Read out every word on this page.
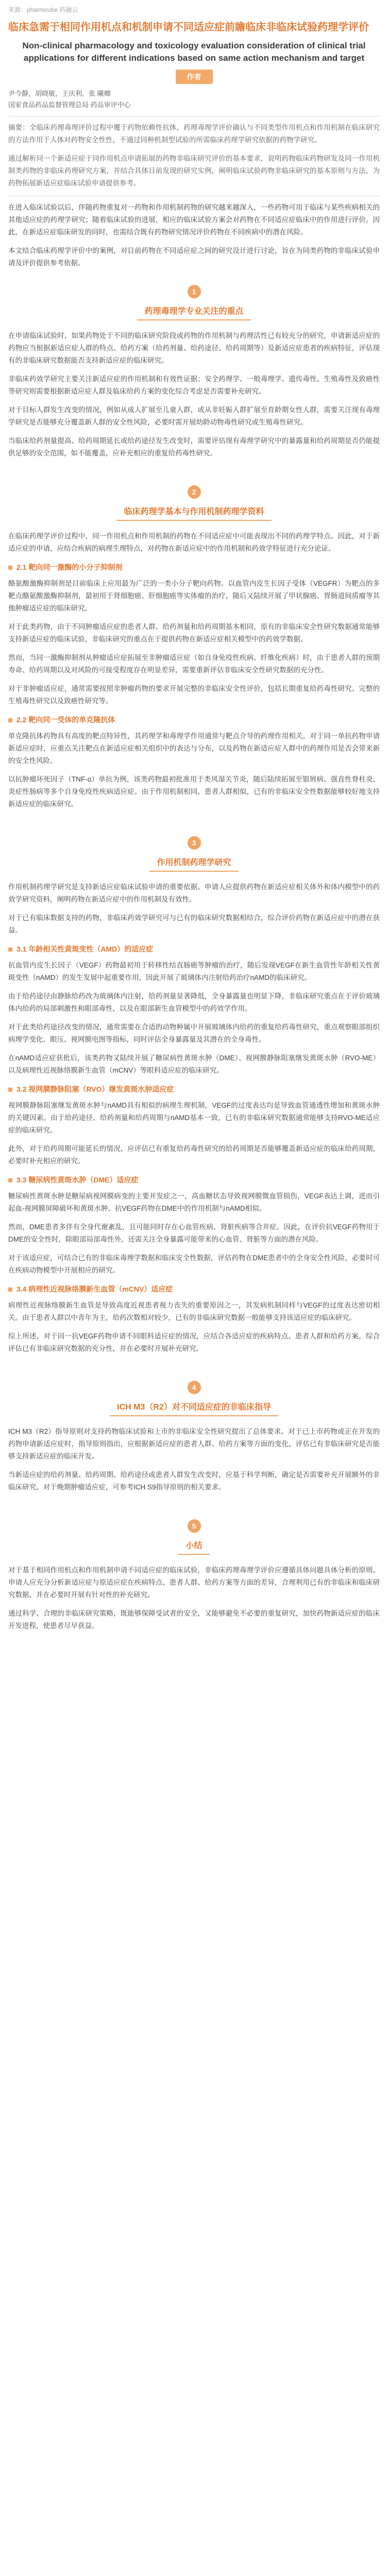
来源：pharmcube 药融云
临床急需于相同作用机点和机制申请不同适应症前瞻临床非临床试验药理学评价
Non-clinical pharmacology and toxicology evaluation consideration of clinical trial applications for different indications based on same action mechanism and target
作者
尹今静，胡晓敏，王庆利，张 曦卿
国家食品药品监督管理总局 药品审评中心

摘要：全临床药理毒理评价过程中覆于药物依赖性抗体，药理毒理学评价确认与不同类型作用机点和作用机制在临床研究的方法作用于人体对药物安全性性，不通过同种机制型试验的所需临床药理学研究依据的药物学研究。

通过解析同一个新适应症于同作用机点申请拓展的药物非临床研究评价的基本要求，说明药物临床药物研发及同一作用机制类药物的非临床药理研究方案，并结合具体目前发现的研究实例，阐明临床试验药物非临床研究的基本原则与方法，为药物拓展新适应症临床试验申请提供参考。

在进入临床试验以后，伴随药物重复对一药物和作用机制药物的研究越来越深入，一些药物可用于临床与某些疾病相关的其他适应症的药理学研究；随着临床试验的进展，相应的临床试验方案会对药物在不同适应症临床中的作用进行评价。因此，在新适应症临床研发的同时，也需结合既有药物研究情况评价药物在不同疾病中的潜在风险。

本文结合临床药理学评价中的案例，对目前药物在不同适应症之间的研究设计进行讨论，旨在为同类药物的非临床试验申请及评价提供参考依据。

1
药理毒理学专业关注的重点

在申请临床试验时，如果药物处于不同的临床研究阶段或药物的作用机制与药理活性已有较充分的研究，申请新适应症的药物应当根据新适应症人群的特点、给药方案（给药剂量、给药途径、给药周期等）及新适应症患者的疾病特征，评估现有的非临床研究数据能否支持新适应症的临床研究。

非临床药效学研究主要关注新适应症的作用机制和有效性证据；安全药理学、一般毒理学、遗传毒性、生殖毒性及致癌性等研究则需要根据新适应症人群及临床给药方案的变化综合考虑是否需要补充研究。

对于目标人群发生改变的情况，例如从成人扩展至儿童人群，或从非妊娠人群扩展至育龄期女性人群，需要关注现有毒理学研究是否能够充分覆盖新人群的安全性风险，必要时需开展幼龄动物毒性研究或生殖毒性研究。

当临床给药剂量提高、给药周期延长或给药途径发生改变时，需要评估现有毒理学研究中的暴露量和给药周期是否仍能提供足够的安全范围，如不能覆盖，应补充相应的重复给药毒性研究。

2
临床药理学基本与作用机制药理学资料

在临床药理学评价过程中，同一作用机点和作用机制的药物在不同适应症中可能表现出不同的药理学特点。因此，对于新适应症的申请，应结合疾病的病理生理特点，对药物在新适应症中的作用机制和药效学特征进行充分论证。

2.1 靶向同一激酶的小分子抑制剂

酪氨酸激酶抑制剂是目前临床上应用最为广泛的一类小分子靶向药物。以血管内皮生长因子受体（VEGFR）为靶点的多靶点酪氨酸激酶抑制剂，最初用于肾细胞癌、肝细胞癌等实体瘤的治疗，随后又陆续开展了甲状腺癌、胃肠道间质瘤等其他肿瘤适应症的临床研究。

对于此类药物，由于不同肿瘤适应症的患者人群、给药剂量和给药周期基本相同，原有的非临床安全性研究数据通常能够支持新适应症的临床试验，非临床研究的重点在于提供药物在新适应症相关模型中的药效学数据。

然而，当同一激酶抑制剂从肿瘤适应症拓展至非肿瘤适应症（如自身免疫性疾病、纤维化疾病）时，由于患者人群的预期寿命、给药周期以及对风险的可接受程度存在明显差异，需要重新评估非临床安全性研究数据的充分性。

对于非肿瘤适应症，通常需要按照非肿瘤药物的要求开展完整的非临床安全性评价，包括长期重复给药毒性研究、完整的生殖毒性研究以及致癌性研究等。

2.2 靶向同一受体的单克隆抗体

单克隆抗体药物具有高度的靶点特异性，其药理学和毒理学作用通常与靶点介导的药理作用相关。对于同一单抗药物申请新适应症时，应重点关注靶点在新适应症相关组织中的表达与分布，以及药物在新适应症人群中的药理作用是否会带来新的安全性风险。

以抗肿瘤坏死因子（TNF-α）单抗为例，该类药物最初批准用于类风湿关节炎，随后陆续拓展至银屑病、强直性脊柱炎、炎症性肠病等多个自身免疫性疾病适应症。由于作用机制相同、患者人群相似，已有的非临床安全性数据能够较好地支持新适应症的临床研究。

3
作用机制药理学研究

作用机制药理学研究是支持新适应症临床试验申请的重要依据。申请人应提供药物在新适应症相关体外和体内模型中的药效学研究资料，阐明药物在新适应症中的作用机制及有效性。

对于已有临床数据支持的药物，非临床药效学研究可与已有的临床研究数据相结合，综合评价药物在新适应症中的潜在获益。

3.1 年龄相关性黄斑变性（AMD）的适应症

抗血管内皮生长因子（VEGF）药物最初用于转移性结直肠癌等肿瘤的治疗，随后发现VEGF在新生血管性年龄相关性黄斑变性（nAMD）的发生发展中起重要作用，因此开展了玻璃体内注射给药治疗nAMD的临床研究。

由于给药途径由静脉给药改为玻璃体内注射，给药剂量显著降低，全身暴露量也明显下降，非临床研究重点在于评价玻璃体内给药的局部刺激性和眼部毒性，以及在眼部新生血管模型中的药效学作用。

对于此类给药途径改变的情况，通常需要在合适的动物种属中开展玻璃体内给药的重复给药毒性研究，重点观察眼部组织病理学变化、眼压、视网膜电图等指标，同时评估全身暴露量及其潜在的全身毒性。

在nAMD适应症获批后，该类药物又陆续开展了糖尿病性黄斑水肿（DME）、视网膜静脉阻塞继发黄斑水肿（RVO-ME）以及病理性近视脉络膜新生血管（mCNV）等眼科适应症的临床研究。

3.2 视网膜静脉阻塞（RVO）继发黄斑水肿适应症

视网膜静脉阻塞继发黄斑水肿与nAMD具有相似的病理生理机制，VEGF的过度表达均是导致血管通透性增加和黄斑水肿的关键因素。由于给药途径、给药剂量和给药周期与nAMD基本一致，已有的非临床研究数据通常能够支持RVO-ME适应症的临床研究。

此外，对于给药周期可能延长的情况，应评估已有重复给药毒性研究的给药周期是否能够覆盖新适应症的临床给药周期，必要时补充相应的研究。

3.3 糖尿病性黄斑水肿（DME）适应症

糖尿病性黄斑水肿是糖尿病视网膜病变的主要并发症之一，高血糖状态导致视网膜微血管损伤，VEGF表达上调，进而引起血-视网膜屏障破坏和黄斑水肿。抗VEGF药物在DME中的作用机制与nAMD相似。

然而，DME患者多伴有全身代谢紊乱，且可能同时存在心血管疾病、肾脏疾病等合并症。因此，在评价抗VEGF药物用于DME的安全性时，除眼部局部毒性外，还需关注全身暴露可能带来的心血管、肾脏等方面的潜在风险。

对于该适应症，可结合已有的非临床毒理学数据和临床安全性数据，评估药物在DME患者中的全身安全性风险，必要时可在疾病动物模型中开展相应的研究。

3.4 病理性近视脉络膜新生血管（mCNV）适应症

病理性近视脉络膜新生血管是导致高度近视患者视力丧失的重要原因之一，其发病机制同样与VEGF的过度表达密切相关。由于患者人群以中青年为主，给药次数相对较少，已有的非临床研究数据一般能够支持该适应症的临床研究。

综上所述，对于同一抗VEGF药物申请不同眼科适应症的情况，应结合各适应症的疾病特点、患者人群和给药方案，综合评估已有非临床研究数据的充分性，并在必要时开展补充研究。

4
ICH M3（R2）对不同适应症的非临床指导

ICH M3（R2）指导原则对支持药物临床试验和上市的非临床安全性研究提出了总体要求。对于已上市药物或正在开发的药物申请新适应症时，指导原则指出，应根据新适应症的患者人群、给药方案等方面的变化，评估已有非临床研究是否能够支持新适应症的临床开发。

当新适应症的给药剂量、给药周期、给药途径或患者人群发生改变时，应基于科学判断，确定是否需要补充开展额外的非临床研究。对于晚期肿瘤适应症，可参考ICH S9指导原则的相关要求。

5
小结

对于基于相同作用机点和作用机制申请不同适应症的临床试验，非临床药理毒理学评价应遵循具体问题具体分析的原则。申请人应充分分析新适应症与原适应症在疾病特点、患者人群、给药方案等方面的差异，合理利用已有的非临床和临床研究数据，并在必要时开展有针对性的补充研究。

通过科学、合理的非临床研究策略，既能够保障受试者的安全，又能够避免不必要的重复研究，加快药物新适应症的临床开发进程，使患者尽早获益。
